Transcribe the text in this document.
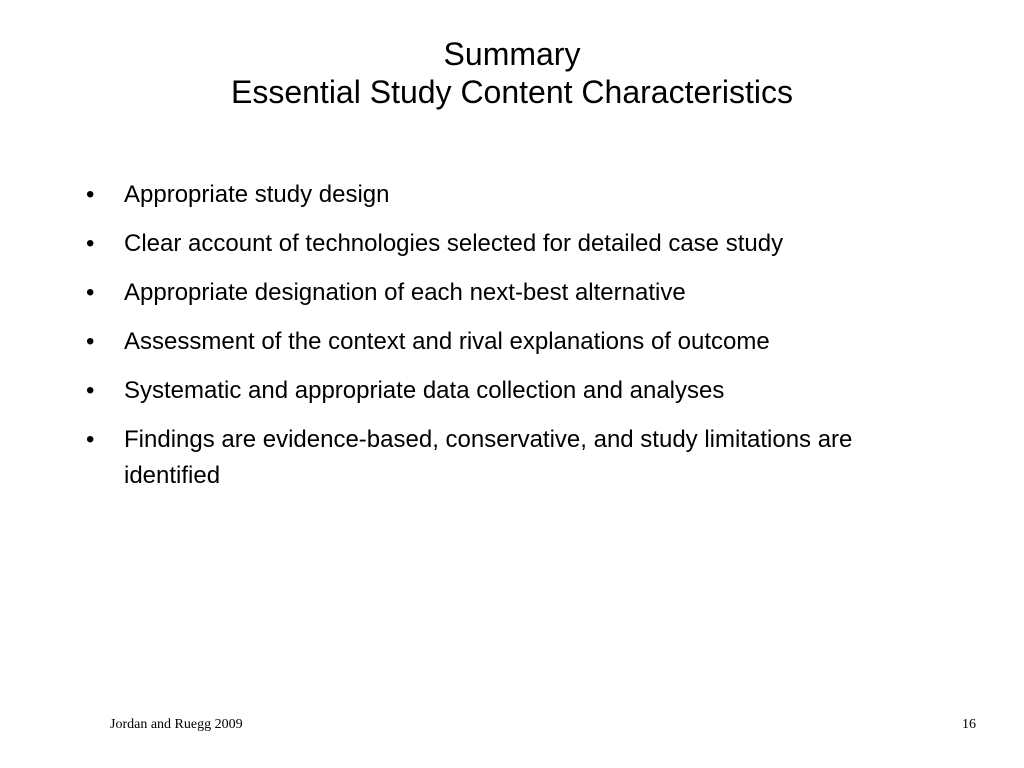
Summary
Essential Study Content Characteristics
•	Appropriate study design
•	Clear account of technologies selected for detailed case study
•	Appropriate designation of each next-best alternative
•	Assessment of the context and rival explanations of outcome
•	Systematic and appropriate data collection and analyses
•	Findings are evidence-based, conservative, and study limitations are identified
Jordan and Ruegg 2009	16
